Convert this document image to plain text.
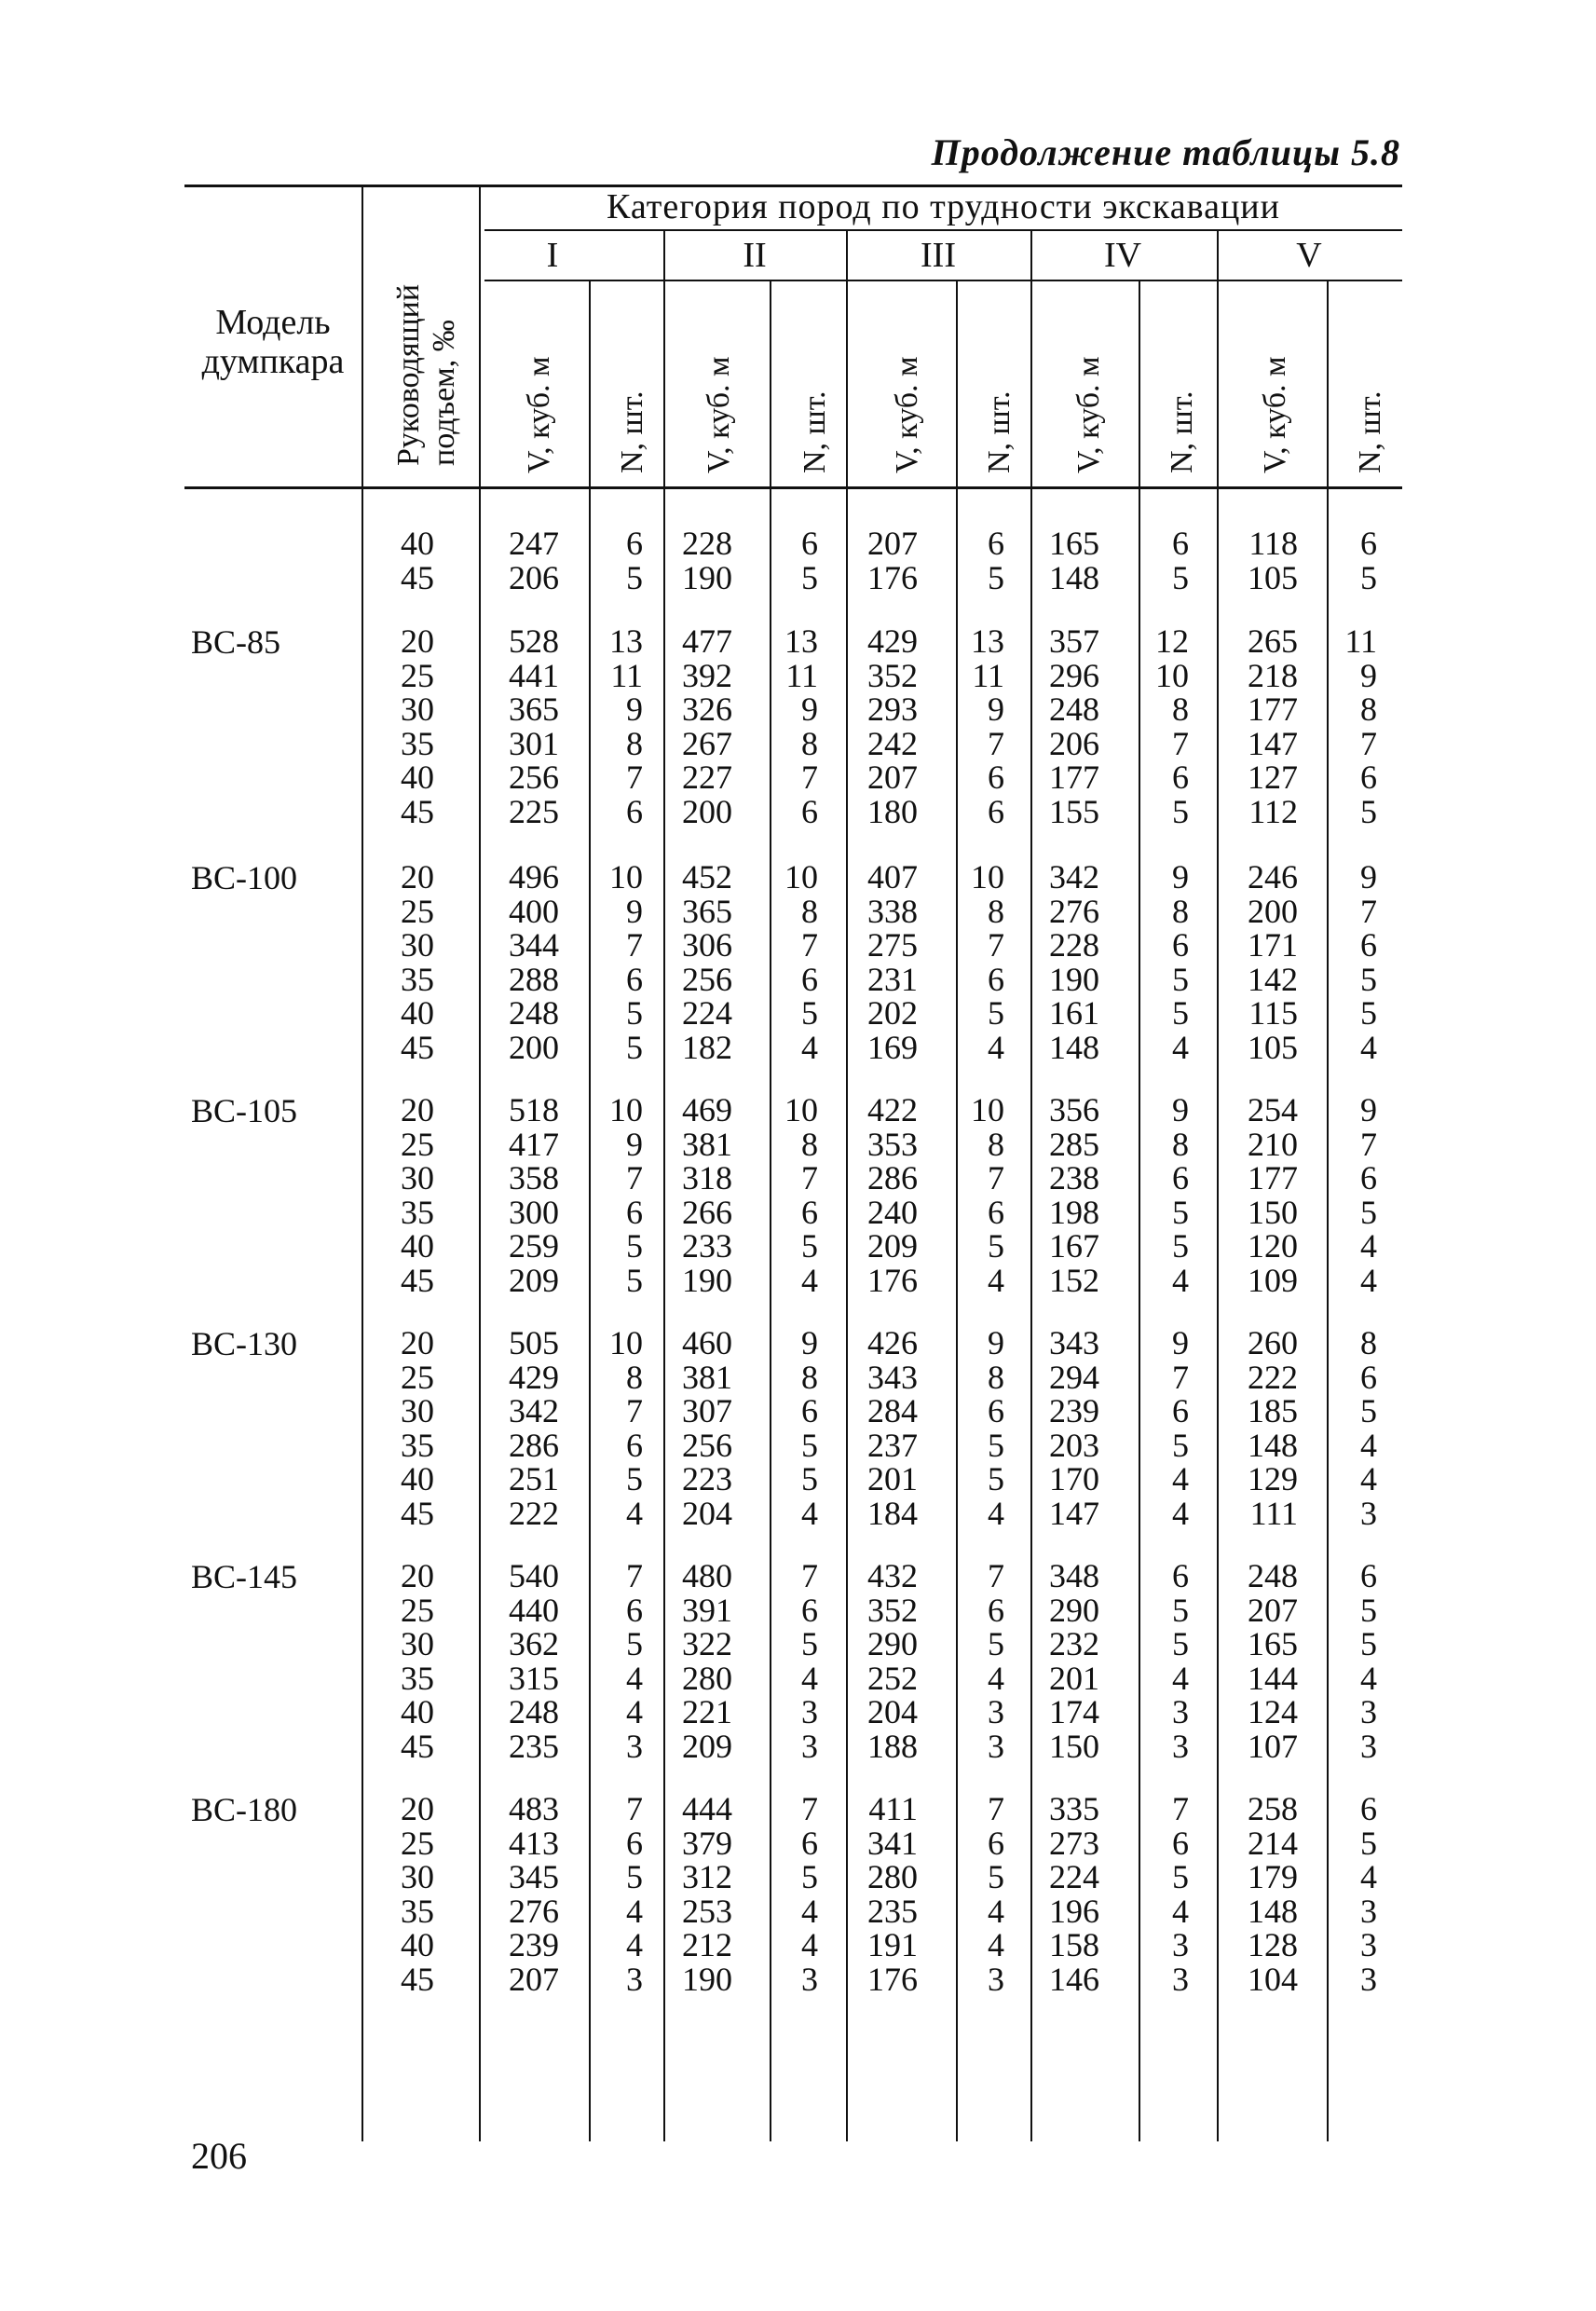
Продолжение таблицы 5.8
Модель
думпкара	Руководящий подъем, ‰
Категория пород по трудности экскавации
I	II	III	IV	V
V, куб. м N, шт. V, куб. м N, шт. V, куб. м N, шт. V, куб. м N, шт. V, куб. м N, шт.
40	247	6	228	6	207	6	165	6	118	6
45	206	5	190	5	176	5	148	5	105	5
ВС-85	20	528	13	477	13	429	13	357	12	265	11
25	441	11	392	11	352	11	296	10	218	9
30	365	9	326	9	293	9	248	8	177	8
35	301	8	267	8	242	7	206	7	147	7
40	256	7	227	7	207	6	177	6	127	6
45	225	6	200	6	180	6	155	5	112	5
ВС-100	20	496	10	452	10	407	10	342	9	246	9
25	400	9	365	8	338	8	276	8	200	7
30	344	7	306	7	275	7	228	6	171	6
35	288	6	256	6	231	6	190	5	142	5
40	248	5	224	5	202	5	161	5	115	5
45	200	5	182	4	169	4	148	4	105	4
ВС-105	20	518	10	469	10	422	10	356	9	254	9
25	417	9	381	8	353	8	285	8	210	7
30	358	7	318	7	286	7	238	6	177	6
35	300	6	266	6	240	6	198	5	150	5
40	259	5	233	5	209	5	167	5	120	4
45	209	5	190	4	176	4	152	4	109	4
ВС-130	20	505	10	460	9	426	9	343	9	260	8
25	429	8	381	8	343	8	294	7	222	6
30	342	7	307	6	284	6	239	6	185	5
35	286	6	256	5	237	5	203	5	148	4
40	251	5	223	5	201	5	170	4	129	4
45	222	4	204	4	184	4	147	4	111	3
ВС-145	20	540	7	480	7	432	7	348	6	248	6
25	440	6	391	6	352	6	290	5	207	5
30	362	5	322	5	290	5	232	5	165	5
35	315	4	280	4	252	4	201	4	144	4
40	248	4	221	3	204	3	174	3	124	3
45	235	3	209	3	188	3	150	3	107	3
ВС-180	20	483	7	444	7	411	7	335	7	258	6
25	413	6	379	6	341	6	273	6	214	5
30	345	5	312	5	280	5	224	5	179	4
35	276	4	253	4	235	4	196	4	148	3
40	239	4	212	4	191	4	158	3	128	3
45	207	3	190	3	176	3	146	3	104	3
206
